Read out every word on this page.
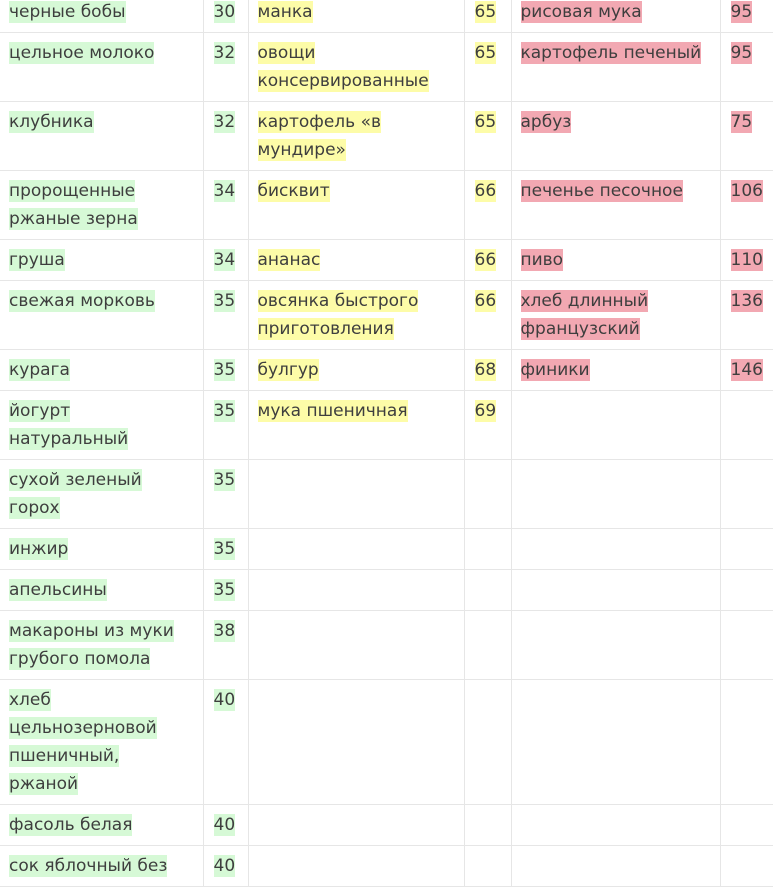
черные бобы	30	манка	65	рисовая мука	95
цельное молоко	32	овощи консервированные	65	картофель печеный	95
клубника	32	картофель «в мундире»	65	арбуз	75
пророщенные ржаные зерна	34	бисквит	66	печенье песочное	106
груша	34	ананас	66	пиво	110
свежая морковь	35	овсянка быстрого приготовления	66	хлеб длинный французский	136
курага	35	булгур	68	финики	146
йогурт натуральный	35	мука пшеничная	69		
сухой зеленый горох	35				
инжир	35				
апельсины	35				
макароны из муки грубого помола	38				
хлеб цельнозерновой пшеничный, ржаной	40				
фасоль белая	40				
сок яблочный без	40				
